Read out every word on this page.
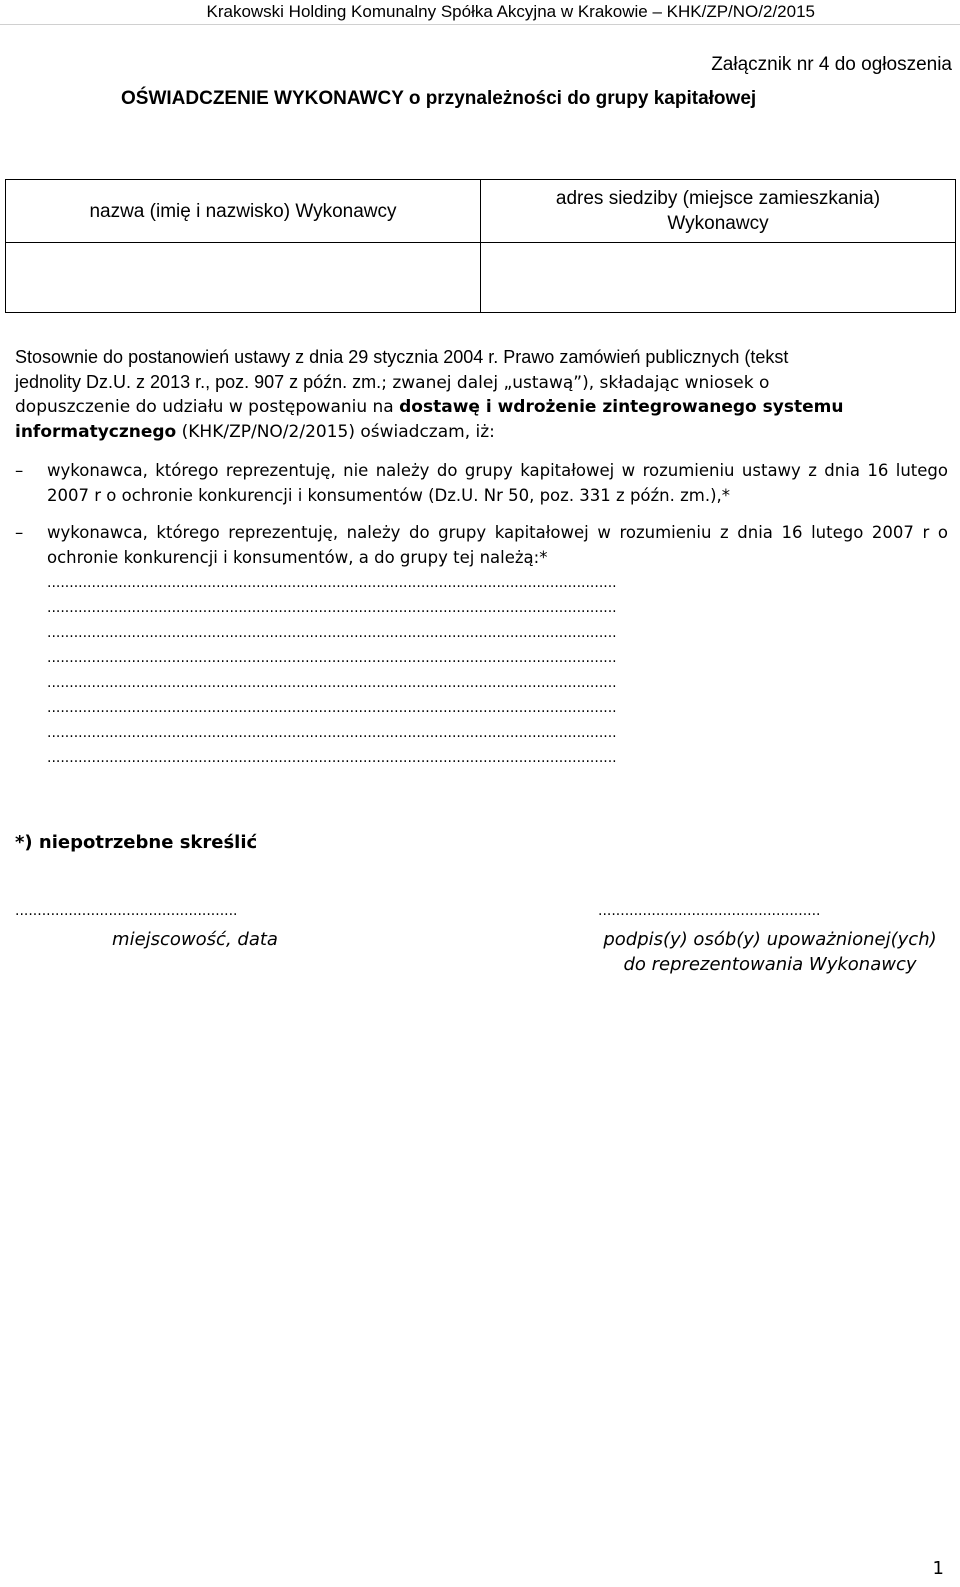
Krakowski Holding Komunalny Spółka Akcyjna w Krakowie – KHK/ZP/NO/2/2015
Załącznik nr 4 do ogłoszenia
OŚWIADCZENIE WYKONAWCY o przynależności do grupy kapitałowej
nazwa (imię i nazwisko) Wykonawcy	adres siedziby (miejsce zamieszkania)
Wykonawcy

Stosownie do postanowień ustawy z dnia 29 stycznia 2004 r. Prawo zamówień publicznych (tekst
jednolity Dz.U. z 2013 r., poz. 907 z późn. zm.; zwanej dalej „ustawą”), składając wniosek o
dopuszczenie do udziału w postępowaniu na dostawę i wdrożenie zintegrowanego systemu
informatycznego (KHK/ZP/NO/2/2015) oświadczam, iż:
– wykonawca, którego reprezentuję, nie należy do grupy kapitałowej w rozumieniu ustawy z dnia 16 lutego 2007 r o ochronie konkurencji i konsumentów (Dz.U. Nr 50, poz. 331 z późn. zm.),*
– wykonawca, którego reprezentuję, należy do grupy kapitałowej w rozumieniu z dnia 16 lutego 2007 r o ochronie konkurencji i konsumentów, a do grupy tej należą:*
................................................................................................................................
................................................................................................................................
................................................................................................................................
................................................................................................................................
................................................................................................................................
................................................................................................................................
................................................................................................................................
................................................................................................................................
*) niepotrzebne skreślić
..................................................
miejscowość, data
..................................................
podpis(y) osób(y) upoważnionej(ych)
do reprezentowania Wykonawcy
1
